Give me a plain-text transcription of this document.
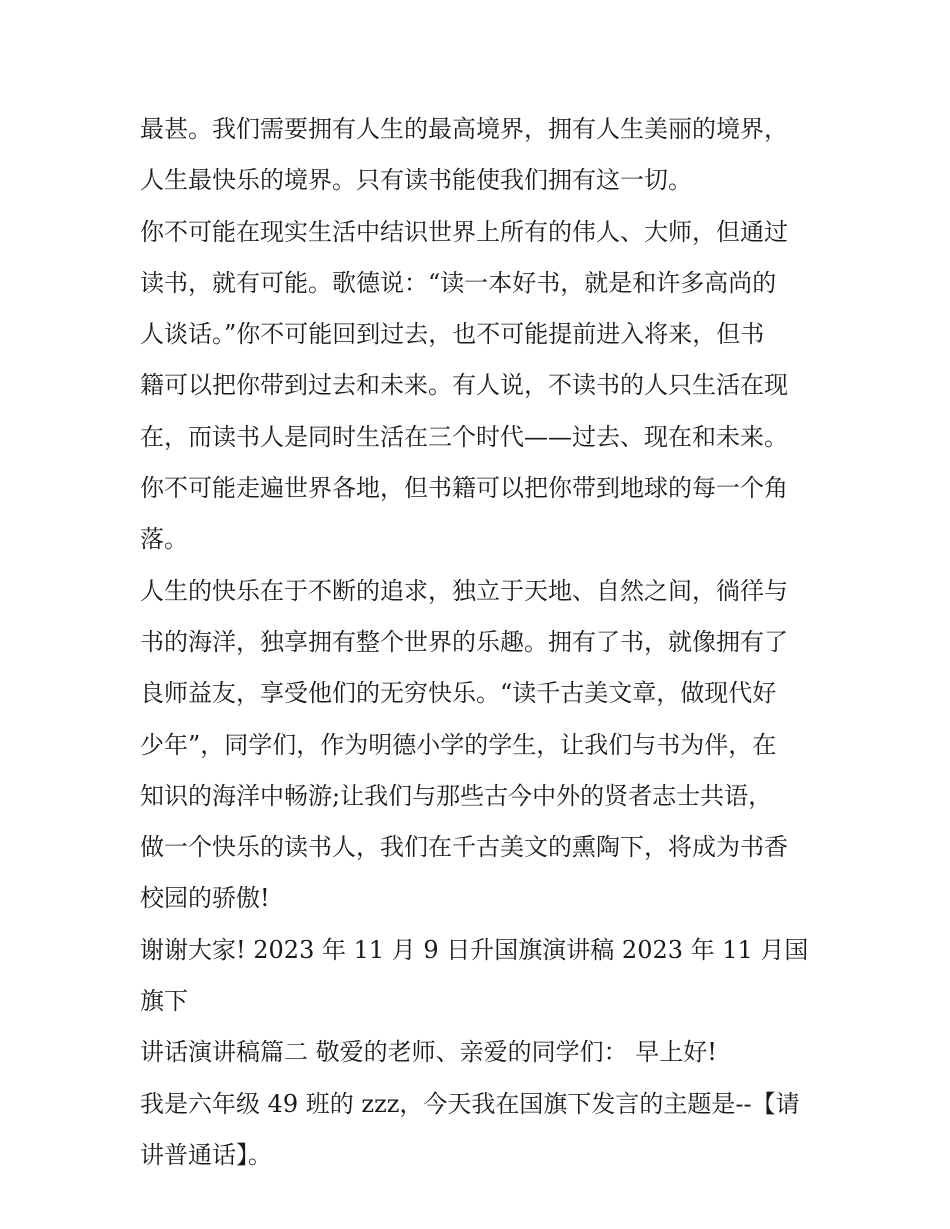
最甚。我们需要拥有人生的最高境界，拥有人生美丽的境界，
人生最快乐的境界。只有读书能使我们拥有这一切。

你不可能在现实生活中结识世界上所有的伟人、大师，但通过
读书，就有可能。歌德说：“读一本好书，就是和许多高尚的
人谈话。”你不可能回到过去，也不可能提前进入将来，但书
籍可以把你带到过去和未来。有人说，不读书的人只生活在现
在，而读书人是同时生活在三个时代——过去、现在和未来。
你不可能走遍世界各地，但书籍可以把你带到地球的每一个角
落。

人生的快乐在于不断的追求，独立于天地、自然之间，徜徉与
书的海洋，独享拥有整个世界的乐趣。拥有了书，就像拥有了
良师益友，享受他们的无穷快乐。“读千古美文章，做现代好
少年”，同学们，作为明德小学的学生，让我们与书为伴，在
知识的海洋中畅游;让我们与那些古今中外的贤者志士共语，
做一个快乐的读书人，我们在千古美文的熏陶下，将成为书香
校园的骄傲!

谢谢大家! 2023 年 11 月 9 日升国旗演讲稿 2023 年 11 月国旗下
讲话演讲稿篇二 敬爱的老师、亲爱的同学们： 早上好!

我是六年级 49 班的 zzz，今天我在国旗下发言的主题是--【请
讲普通话】。
